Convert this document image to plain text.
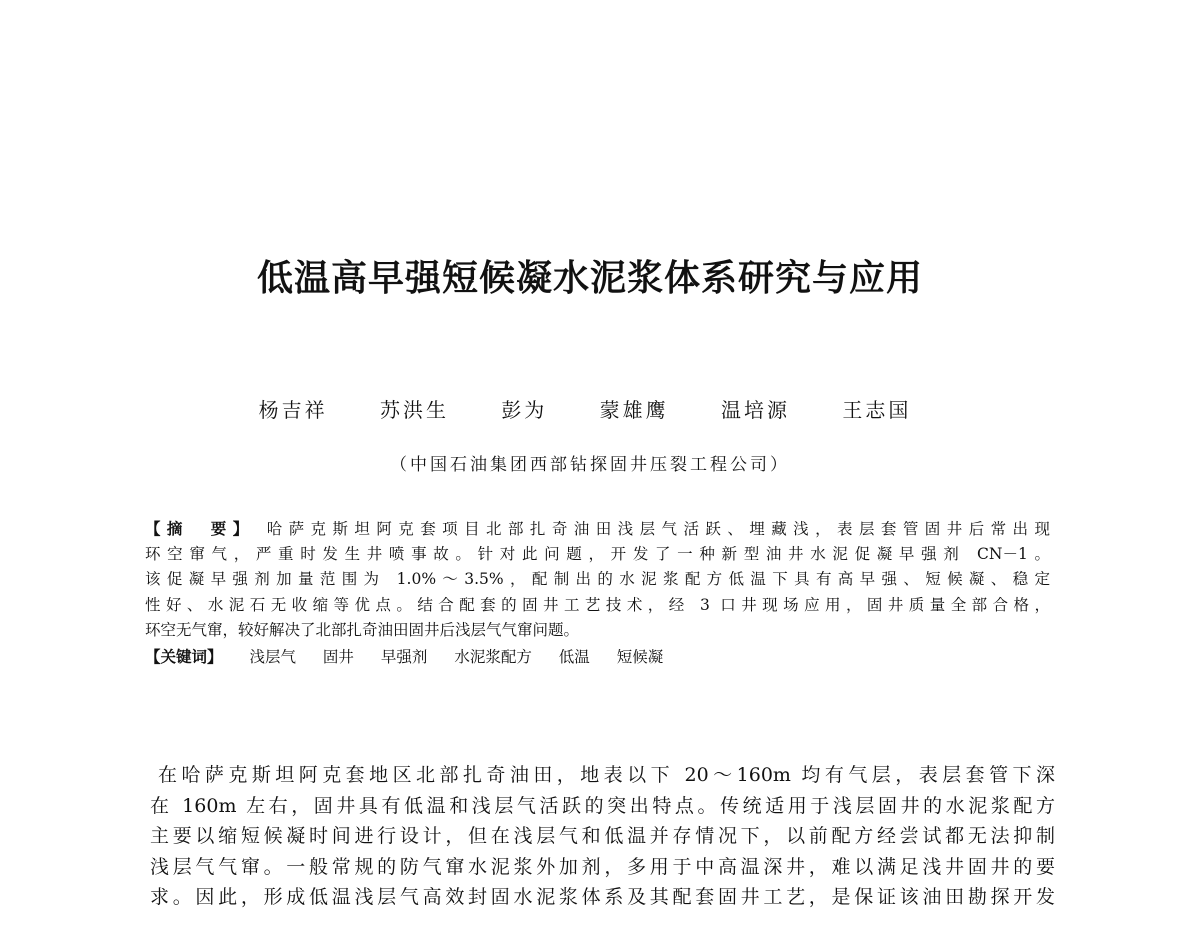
低温高早强短候凝水泥浆体系研究与应用
杨吉祥	苏洪生	彭为	蒙雄鹰	温培源	王志国
（中国石油集团西部钻探固井压裂工程公司）
【摘　要】 哈萨克斯坦阿克套项目北部扎奇油田浅层气活跃、埋藏浅，表层套管固井后常出现
环空窜气，严重时发生井喷事故。针对此问题，开发了一种新型油井水泥促凝早强剂 CN－1。
该促凝早强剂加量范围为 1.0%～3.5%，配制出的水泥浆配方低温下具有高早强、短候凝、稳定
性好、水泥石无收缩等优点。结合配套的固井工艺技术，经 3 口井现场应用，固井质量全部合格，
环空无气窜，较好解决了北部扎奇油田固井后浅层气气窜问题。
【关键词】 浅层气 固井 早强剂 水泥浆配方 低温 短候凝
在哈萨克斯坦阿克套地区北部扎奇油田，地表以下 20～160m 均有气层，表层套管下深
在 160m 左右，固井具有低温和浅层气活跃的突出特点。传统适用于浅层固井的水泥浆配方
主要以缩短候凝时间进行设计，但在浅层气和低温并存情况下，以前配方经尝试都无法抑制
浅层气气窜。一般常规的防气窜水泥浆外加剂，多用于中高温深井，难以满足浅井固井的要
求。因此，形成低温浅层气高效封固水泥浆体系及其配套固井工艺，是保证该油田勘探开发
